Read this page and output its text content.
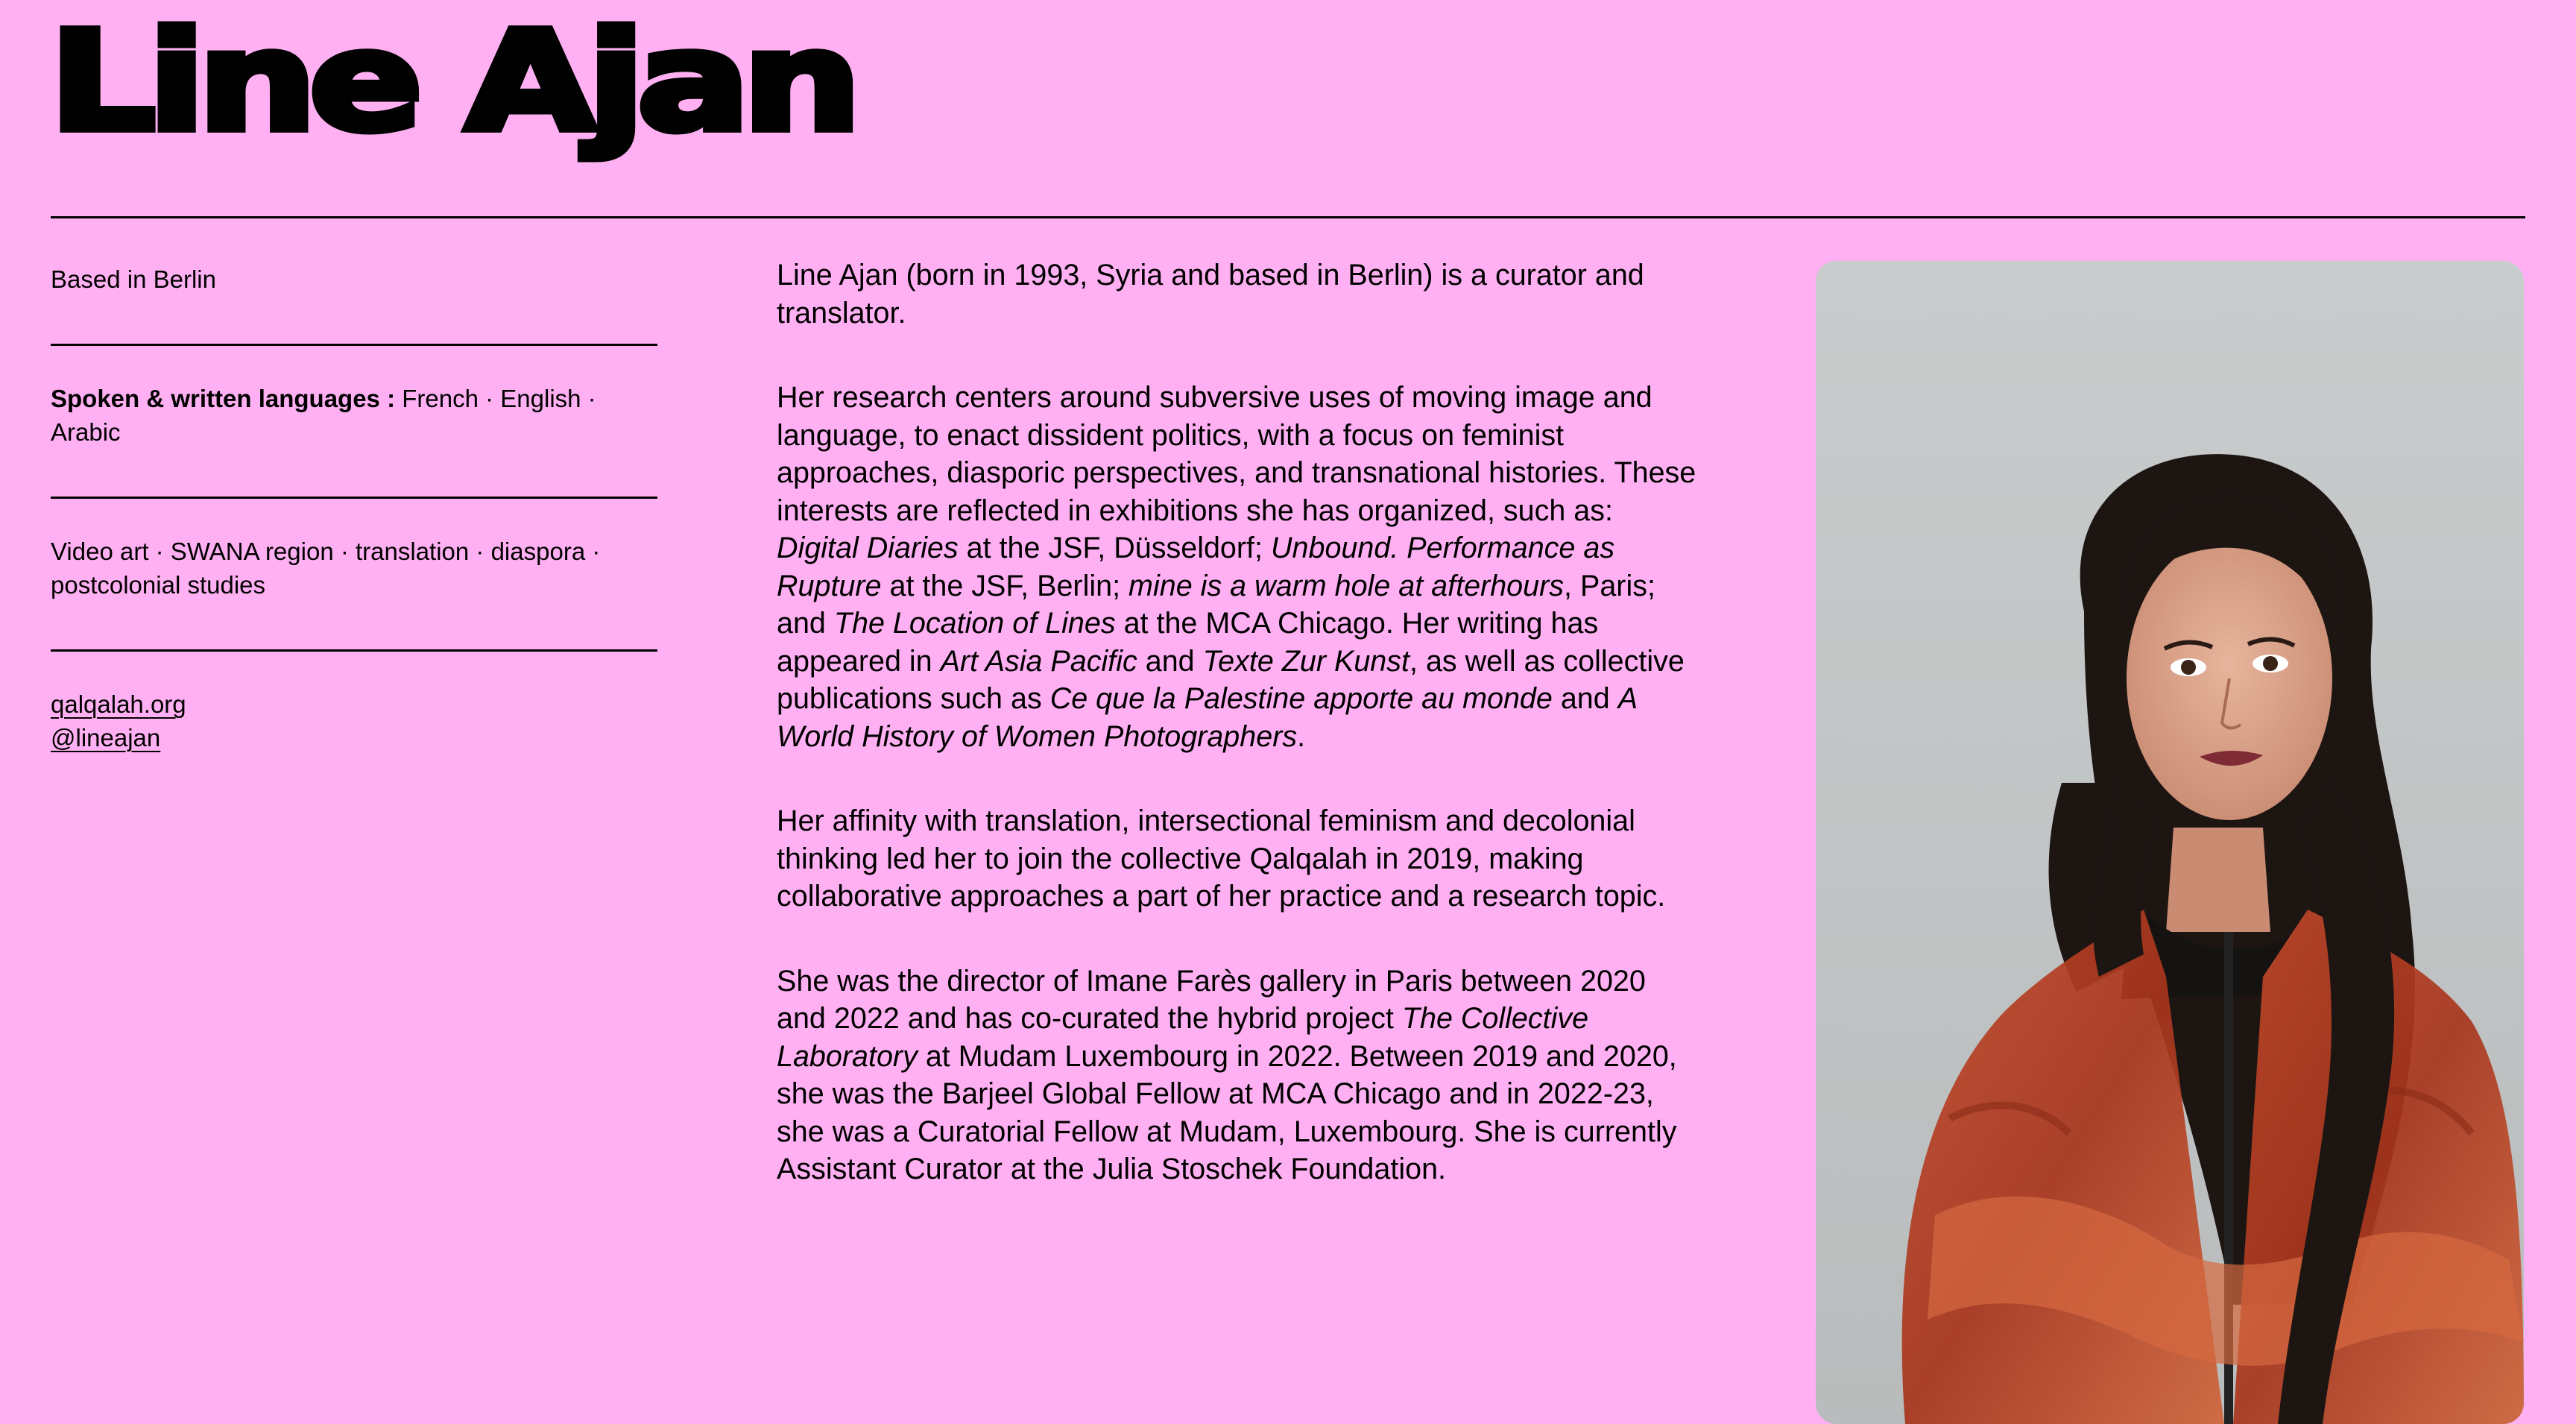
Line Ajan
Based in Berlin
Spoken & written languages : French · English · Arabic
Video art · SWANA region · translation · diaspora · postcolonial studies
qalqalah.org
@lineajan

Line Ajan (born in 1993, Syria and based in Berlin) is a curator and translator.

Her research centers around subversive uses of moving image and language, to enact dissident politics, with a focus on feminist approaches, diasporic perspectives, and transnational histories. These interests are reflected in exhibitions she has organized, such as: Digital Diaries at the JSF, Düsseldorf; Unbound. Performance as Rupture at the JSF, Berlin; mine is a warm hole at afterhours, Paris; and The Location of Lines at the MCA Chicago. Her writing has appeared in Art Asia Pacific and Texte Zur Kunst, as well as collective publications such as Ce que la Palestine apporte au monde and A World History of Women Photographers.

Her affinity with translation, intersectional feminism and decolonial thinking led her to join the collective Qalqalah in 2019, making collaborative approaches a part of her practice and a research topic.

She was the director of Imane Farès gallery in Paris between 2020 and 2022 and has co-curated the hybrid project The Collective Laboratory at Mudam Luxembourg in 2022. Between 2019 and 2020, she was the Barjeel Global Fellow at MCA Chicago and in 2022-23, she was a Curatorial Fellow at Mudam, Luxembourg. She is currently Assistant Curator at the Julia Stoschek Foundation.
